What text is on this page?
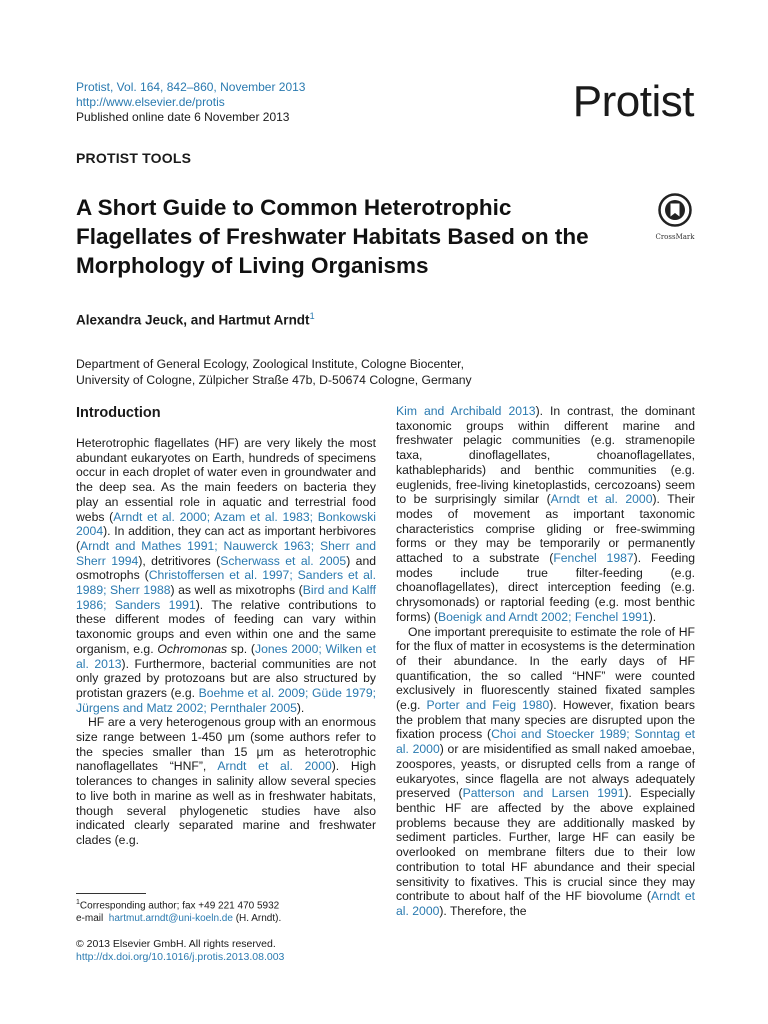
Protist, Vol. 164, 842–860, November 2013
http://www.elsevier.de/protis
Published online date 6 November 2013	Protist
PROTIST TOOLS
A Short Guide to Common Heterotrophic Flagellates of Freshwater Habitats Based on the Morphology of Living Organisms
CrossMark
Alexandra Jeuck, and Hartmut Arndt$^1$
Department of General Ecology, Zoological Institute, Cologne Biocenter,
University of Cologne, Zülpicher Straße 47b, D-50674 Cologne, Germany
Introduction

Heterotrophic flagellates (HF) are very likely the most abundant eukaryotes on Earth, hundreds of specimens occur in each droplet of water even in groundwater and the deep sea. As the main feeders on bacteria they play an essential role in aquatic and terrestrial food webs (Arndt et al. 2000; Azam et al. 1983; Bonkowski 2004). In addition, they can act as important herbivores (Arndt and Mathes 1991; Nauwerck 1963; Sherr and Sherr 1994), detritivores (Scherwass et al. 2005) and osmotrophs (Christoffersen et al. 1997; Sanders et al. 1989; Sherr 1988) as well as mixotrophs (Bird and Kalff 1986; Sanders 1991). The relative contributions to these different modes of feeding can vary within taxonomic groups and even within one and the same organism, e.g. Ochromonas sp. (Jones 2000; Wilken et al. 2013). Furthermore, bacterial communities are not only grazed by protozoans but are also structured by protistan grazers (e.g. Boehme et al. 2009; Güde 1979; Jürgens and Matz 2002; Pernthaler 2005).

HF are a very heterogenous group with an enormous size range between 1-450 μm (some authors refer to the species smaller than 15 μm as heterotrophic nanoflagellates “HNF”, Arndt et al. 2000). High tolerances to changes in salinity allow several species to live both in marine as well as in freshwater habitats, though several phylogenetic studies have also indicated clearly separated marine and freshwater clades (e.g.

Kim and Archibald 2013). In contrast, the dominant taxonomic groups within different marine and freshwater pelagic communities (e.g. stramenopile taxa, dinoflagellates, choanoflagellates, kathablepharids) and benthic communities (e.g. euglenids, free-living kinetoplastids, cercozoans) seem to be surprisingly similar (Arndt et al. 2000). Their modes of movement as important taxonomic characteristics comprise gliding or free-swimming forms or they may be temporarily or permanently attached to a substrate (Fenchel 1987). Feeding modes include true filter-feeding (e.g. choanoflagellates), direct interception feeding (e.g. chrysomonads) or raptorial feeding (e.g. most benthic forms) (Boenigk and Arndt 2002; Fenchel 1991).

One important prerequisite to estimate the role of HF for the flux of matter in ecosystems is the determination of their abundance. In the early days of HF quantification, the so called “HNF” were counted exclusively in fluorescently stained fixated samples (e.g. Porter and Feig 1980). However, fixation bears the problem that many species are disrupted upon the fixation process (Choi and Stoecker 1989; Sonntag et al. 2000) or are misidentified as small naked amoebae, zoospores, yeasts, or disrupted cells from a range of eukaryotes, since flagella are not always adequately preserved (Patterson and Larsen 1991). Especially benthic HF are affected by the above explained problems because they are additionally masked by sediment particles. Further, large HF can easily be overlooked on membrane filters due to their low contribution to total HF abundance and their special sensitivity to fixatives. This is crucial since they may contribute to about half of the HF biovolume (Arndt et al. 2000). Therefore, the

$^1$Corresponding author; fax +49 221 470 5932
e-mail hartmut.arndt@uni-koeln.de (H. Arndt).
© 2013 Elsevier GmbH. All rights reserved.
http://dx.doi.org/10.1016/j.protis.2013.08.003
